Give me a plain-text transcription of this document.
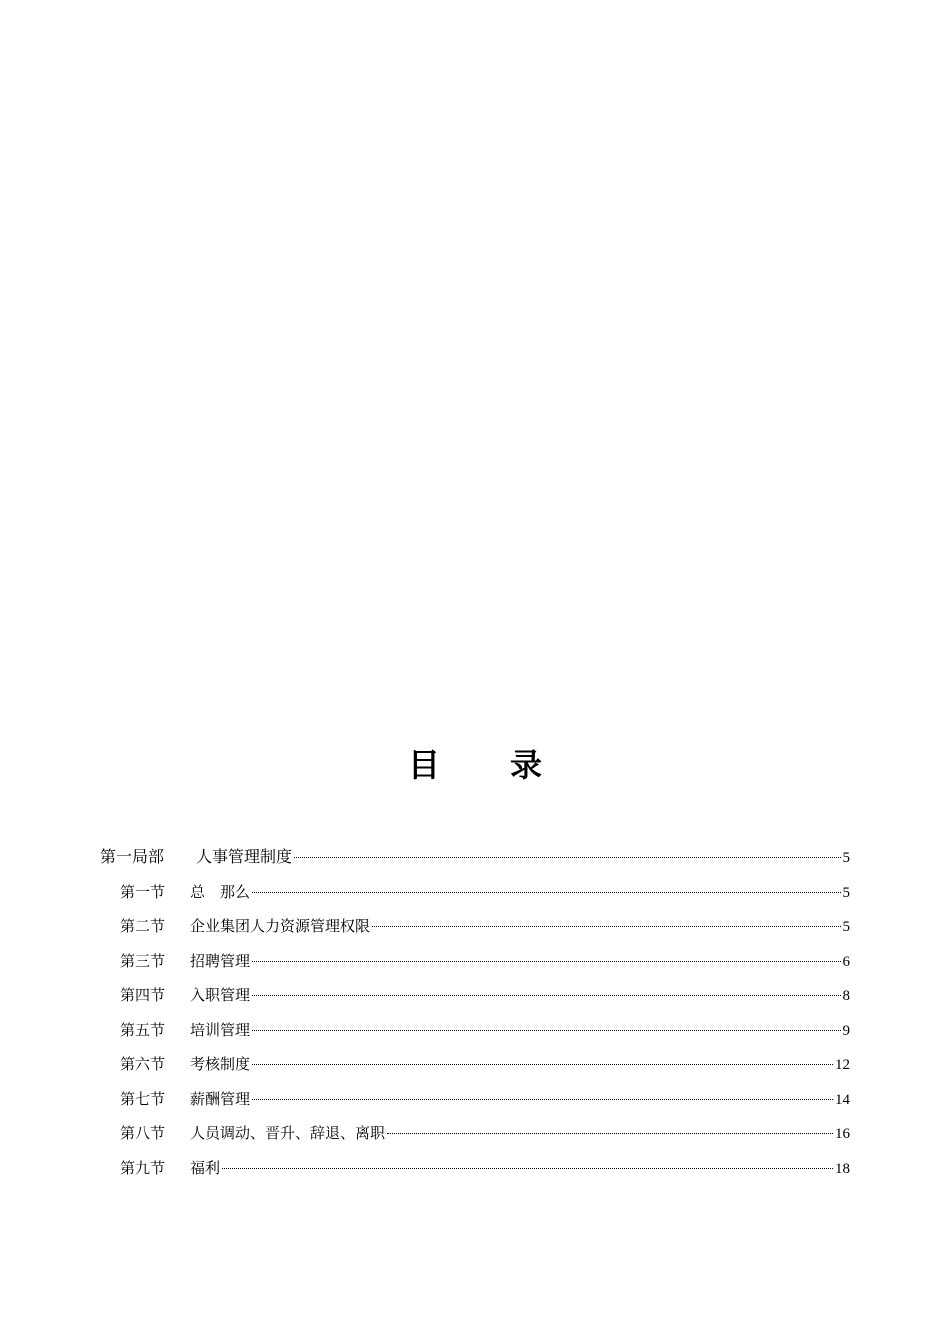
目 录
第一局部	人事管理制度	5
第一节	总　那么	5
第二节	企业集团人力资源管理权限	5
第三节	招聘管理	6
第四节	入职管理	8
第五节	培训管理	9
第六节	考核制度	12
第七节	薪酬管理	14
第八节	人员调动、晋升、辞退、离职	16
第九节	福利	18
